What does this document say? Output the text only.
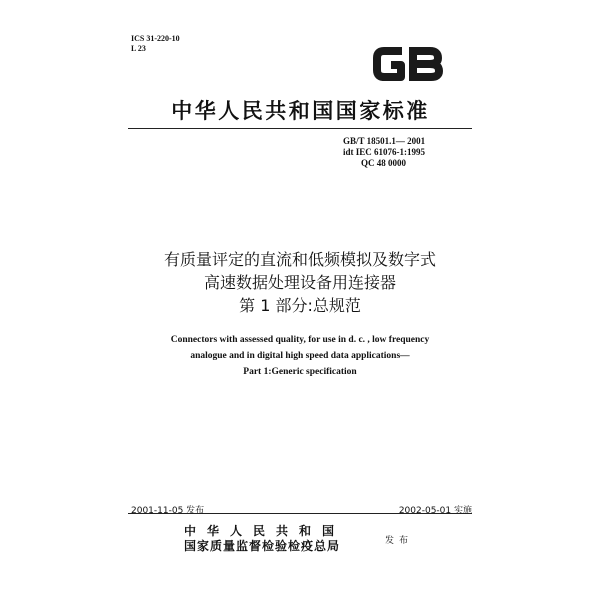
ICS 31-220-10
L 23
中华人民共和国国家标准
GB/T 18501.1— 2001
idt IEC 61076-1:1995
QC 48 0000
有质量评定的直流和低频模拟及数字式
高速数据处理设备用连接器
第 1 部分:总规范
Connectors with assessed quality, for use in d. c. , low frequency
analogue and in digital high speed data applications—
Part 1:Generic specification
2001-11-05 发布	2002-05-01 实施
中华人民共和国
国家质量监督检验检疫总局	发布
